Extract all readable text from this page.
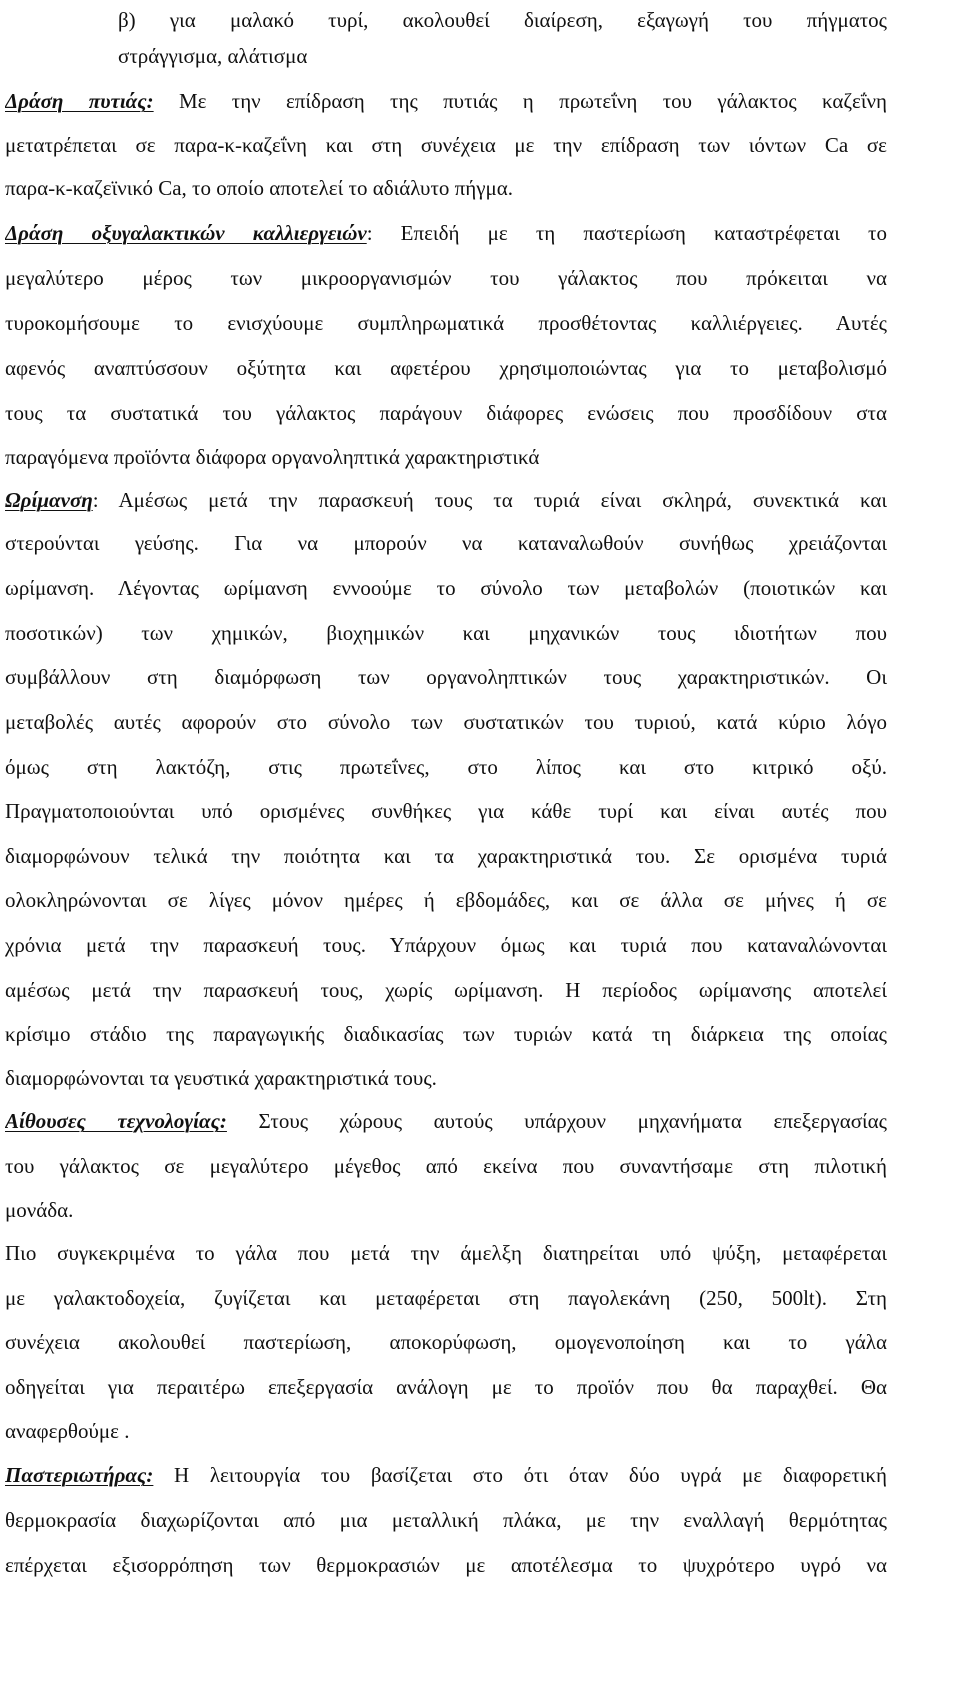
β) για μαλακό τυρί, ακολουθεί διαίρεση, εξαγωγή του πήγματος

στράγγισμα, αλάτισμα

Δράση πυτιάς: Με την επίδραση της πυτιάς η πρωτεΐνη του γάλακτος καζεΐνη

μετατρέπεται σε παρα-κ-καζεΐνη και στη συνέχεια με την επίδραση των ιόντων Ca σε

παρα-κ-καζεϊνικό Ca, το οποίο αποτελεί το αδιάλυτο πήγμα.

Δράση οξυγαλακτικών καλλιεργειών: Επειδή με τη παστερίωση καταστρέφεται το

μεγαλύτερο μέρος των μικροοργανισμών του γάλακτος που πρόκειται να

τυροκομήσουμε το ενισχύουμε συμπληρωματικά προσθέτοντας καλλιέργειες. Αυτές

αφενός αναπτύσσουν οξύτητα και αφετέρου χρησιμοποιώντας για το μεταβολισμό

τους τα συστατικά του γάλακτος παράγουν διάφορες ενώσεις που προσδίδουν στα

παραγόμενα προϊόντα διάφορα οργανοληπτικά χαρακτηριστικά

Ωρίμανση: Αμέσως μετά την παρασκευή τους τα τυριά είναι σκληρά, συνεκτικά και

στερούνται γεύσης. Για να μπορούν να καταναλωθούν συνήθως χρειάζονται

ωρίμανση. Λέγοντας ωρίμανση εννοούμε το σύνολο των μεταβολών (ποιοτικών και

ποσοτικών) των χημικών, βιοχημικών και μηχανικών τους ιδιοτήτων που

συμβάλλουν στη διαμόρφωση των οργανοληπτικών τους χαρακτηριστικών. Οι

μεταβολές αυτές αφορούν στο σύνολο των συστατικών του τυριού, κατά κύριο λόγο

όμως στη λακτόζη, στις πρωτεΐνες, στο λίπος και στο κιτρικό οξύ.

Πραγματοποιούνται υπό ορισμένες συνθήκες για κάθε τυρί και είναι αυτές που

διαμορφώνουν τελικά την ποιότητα και τα χαρακτηριστικά του. Σε ορισμένα τυριά

ολοκληρώνονται σε λίγες μόνον ημέρες ή εβδομάδες, και σε άλλα σε μήνες ή σε

χρόνια μετά την παρασκευή τους. Υπάρχουν όμως και τυριά που καταναλώνονται

αμέσως μετά την παρασκευή τους, χωρίς ωρίμανση. Η περίοδος ωρίμανσης αποτελεί

κρίσιμο στάδιο της παραγωγικής διαδικασίας των τυριών κατά τη διάρκεια της οποίας

διαμορφώνονται τα γευστικά χαρακτηριστικά τους.

Αίθουσες τεχνολογίας: Στους χώρους αυτούς υπάρχουν μηχανήματα επεξεργασίας

του γάλακτος σε μεγαλύτερο μέγεθος από εκείνα που συναντήσαμε στη πιλοτική

μονάδα.

Πιο συγκεκριμένα το γάλα που μετά την άμελξη διατηρείται υπό ψύξη, μεταφέρεται

με γαλακτοδοχεία, ζυγίζεται και μεταφέρεται στη παγολεκάνη (250, 500lt). Στη

συνέχεια ακολουθεί παστερίωση, αποκορύφωση, ομογενοποίηση και το γάλα

οδηγείται για περαιτέρω επεξεργασία ανάλογη με το προϊόν που θα παραχθεί. Θα

αναφερθούμε .

Παστεριωτήρας: Η λειτουργία του βασίζεται στο ότι όταν δύο υγρά με διαφορετική

θερμοκρασία διαχωρίζονται από μια μεταλλική πλάκα, με την εναλλαγή θερμότητας

επέρχεται εξισορρόπηση των θερμοκρασιών με αποτέλεσμα το ψυχρότερο υγρό να
